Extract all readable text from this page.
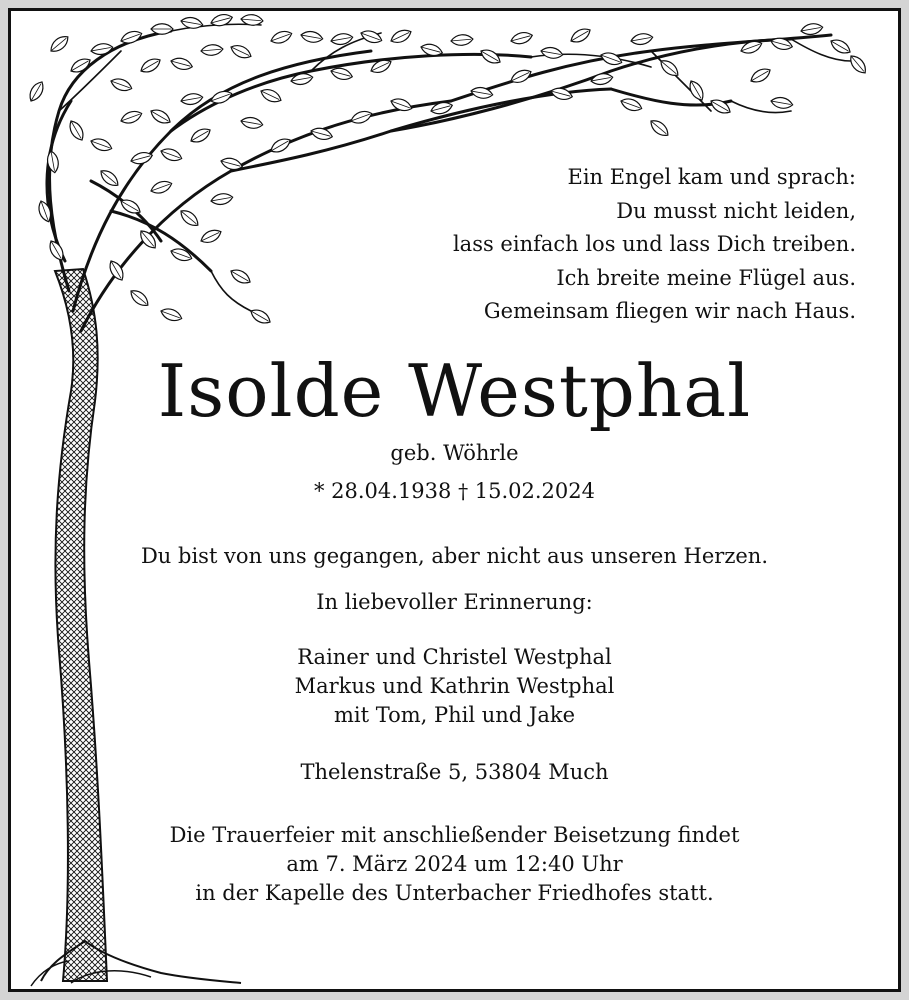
Ein Engel kam und sprach:
Du musst nicht leiden,
lass einfach los und lass Dich treiben.
Ich breite meine Flügel aus.
Gemeinsam fliegen wir nach Haus.
Isolde Westphal
geb. Wöhrle
* 28.04.1938 † 15.02.2024
Du bist von uns gegangen, aber nicht aus unseren Herzen.
In liebevoller Erinnerung:
Rainer und Christel Westphal
Markus und Kathrin Westphal
mit Tom, Phil und Jake
Thelenstraße 5, 53804 Much
Die Trauerfeier mit anschließender Beisetzung findet
am 7. März 2024 um 12:40 Uhr
in der Kapelle des Unterbacher Friedhofes statt.
